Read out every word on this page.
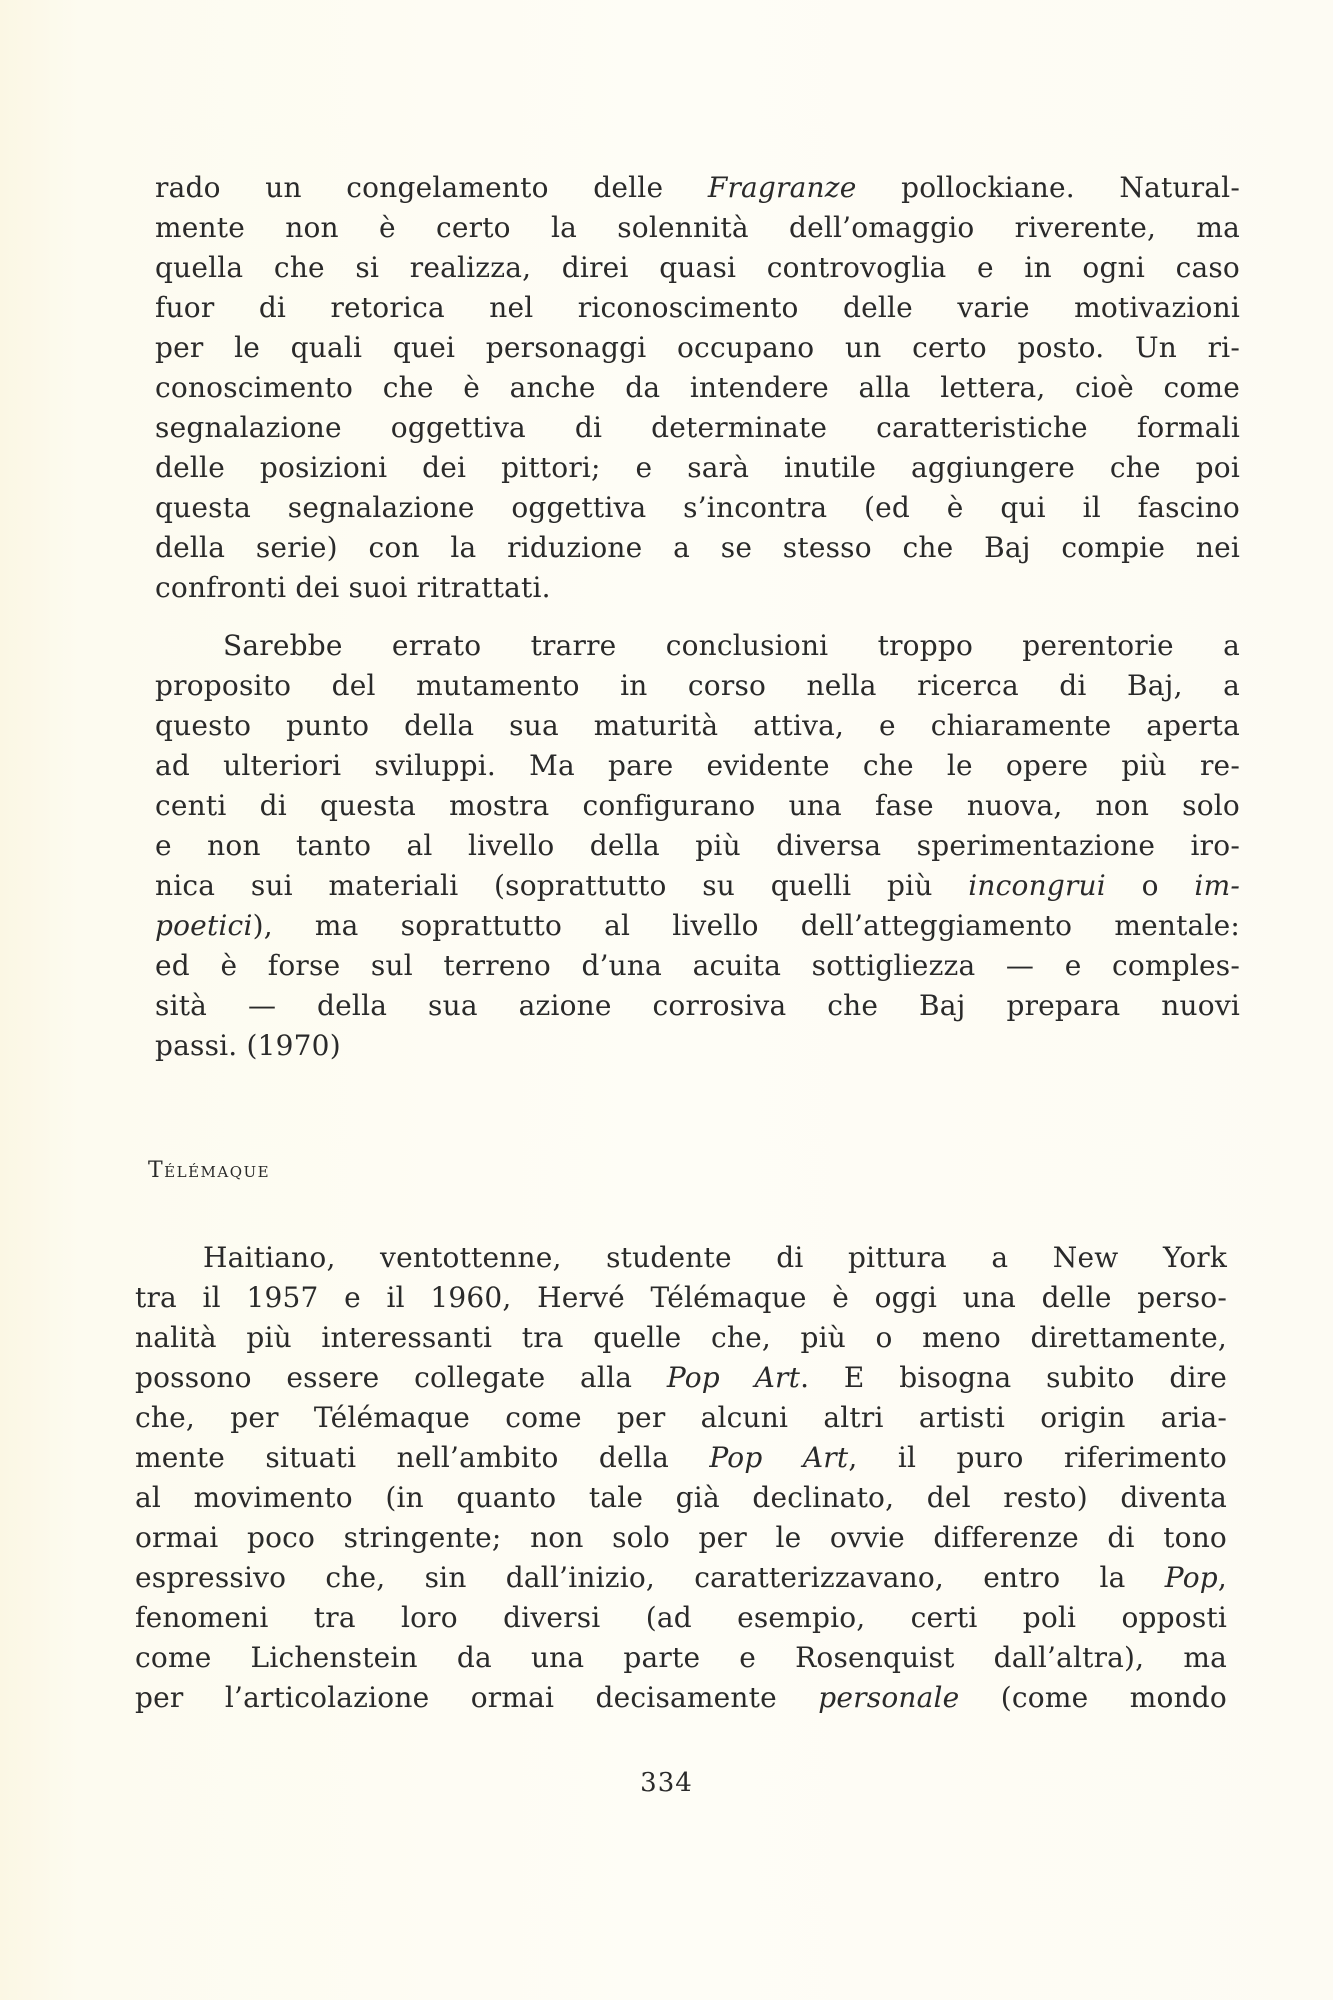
rado un congelamento delle Fragranze pollockiane. Natural-
mente non è certo la solennità dell’omaggio riverente, ma
quella che si realizza, direi quasi controvoglia e in ogni caso
fuor di retorica nel riconoscimento delle varie motivazioni
per le quali quei personaggi occupano un certo posto. Un ri-
conoscimento che è anche da intendere alla lettera, cioè come
segnalazione oggettiva di determinate caratteristiche formali
delle posizioni dei pittori; e sarà inutile aggiungere che poi
questa segnalazione oggettiva s’incontra (ed è qui il fascino
della serie) con la riduzione a se stesso che Baj compie nei
confronti dei suoi ritrattati.
Sarebbe errato trarre conclusioni troppo perentorie a
proposito del mutamento in corso nella ricerca di Baj, a
questo punto della sua maturità attiva, e chiaramente aperta
ad ulteriori sviluppi. Ma pare evidente che le opere più re-
centi di questa mostra configurano una fase nuova, non solo
e non tanto al livello della più diversa sperimentazione iro-
nica sui materiali (soprattutto su quelli più incongrui o im-
poetici), ma soprattutto al livello dell’atteggiamento mentale:
ed è forse sul terreno d’una acuita sottigliezza — e comples-
sità — della sua azione corrosiva che Baj prepara nuovi
passi. (1970)
Télémaque
Haitiano, ventottenne, studente di pittura a New York
tra il 1957 e il 1960, Hervé Télémaque è oggi una delle perso-
nalità più interessanti tra quelle che, più o meno direttamente,
possono essere collegate alla Pop Art. E bisogna subito dire
che, per Télémaque come per alcuni altri artisti origin aria-
mente situati nell’ambito della Pop Art, il puro riferimento
al movimento (in quanto tale già declinato, del resto) diventa
ormai poco stringente; non solo per le ovvie differenze di tono
espressivo che, sin dall’inizio, caratterizzavano, entro la Pop,
fenomeni tra loro diversi (ad esempio, certi poli opposti
come Lichenstein da una parte e Rosenquist dall’altra), ma
per l’articolazione ormai decisamente personale (come mondo
334
